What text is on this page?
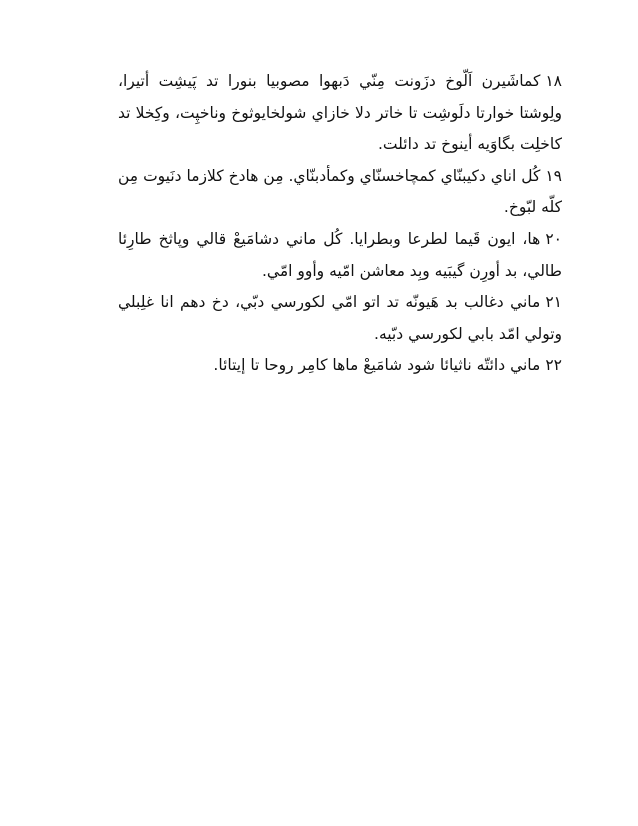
١٨كماشَيرن اَلّوخ دزَونت مِنّي دَبهوا مصوبيا بنورا تد پَيشِت أتيرا، ولِوشتا خوارتا دلَوشِت تا خاتر دلا خازاي شولخايوثوخ وناخپِت، وكِخلا تد كاخلِت بگاوَيه أينوخ تد دائلت.

١٩كُل اناي دكيبنّاي كمچاخسنّاي وكمأدبنّاي. مِن هادخ كلازما دنَيوت مِن كلّه لبّوخ.

٢٠ها، ايون قَيما لطرعا وبطرايا. كُل ماني دشامَيعْ قالي وپاثخ طارِئا طالي، بد أورِن گيبَيه وبِد معاشن امّيه وأوو امّي.

٢١ماني دغالب بد هَيونّه تد اتو امّي لكورسي دبّي، دخ دهم انا غلِبلي وتولي امّد بابي لكورسي دبّيه.

٢٢ماني دائتّه ناثيائا شود شامَيعْ ماها كامِر روحا تا إيتائا.
